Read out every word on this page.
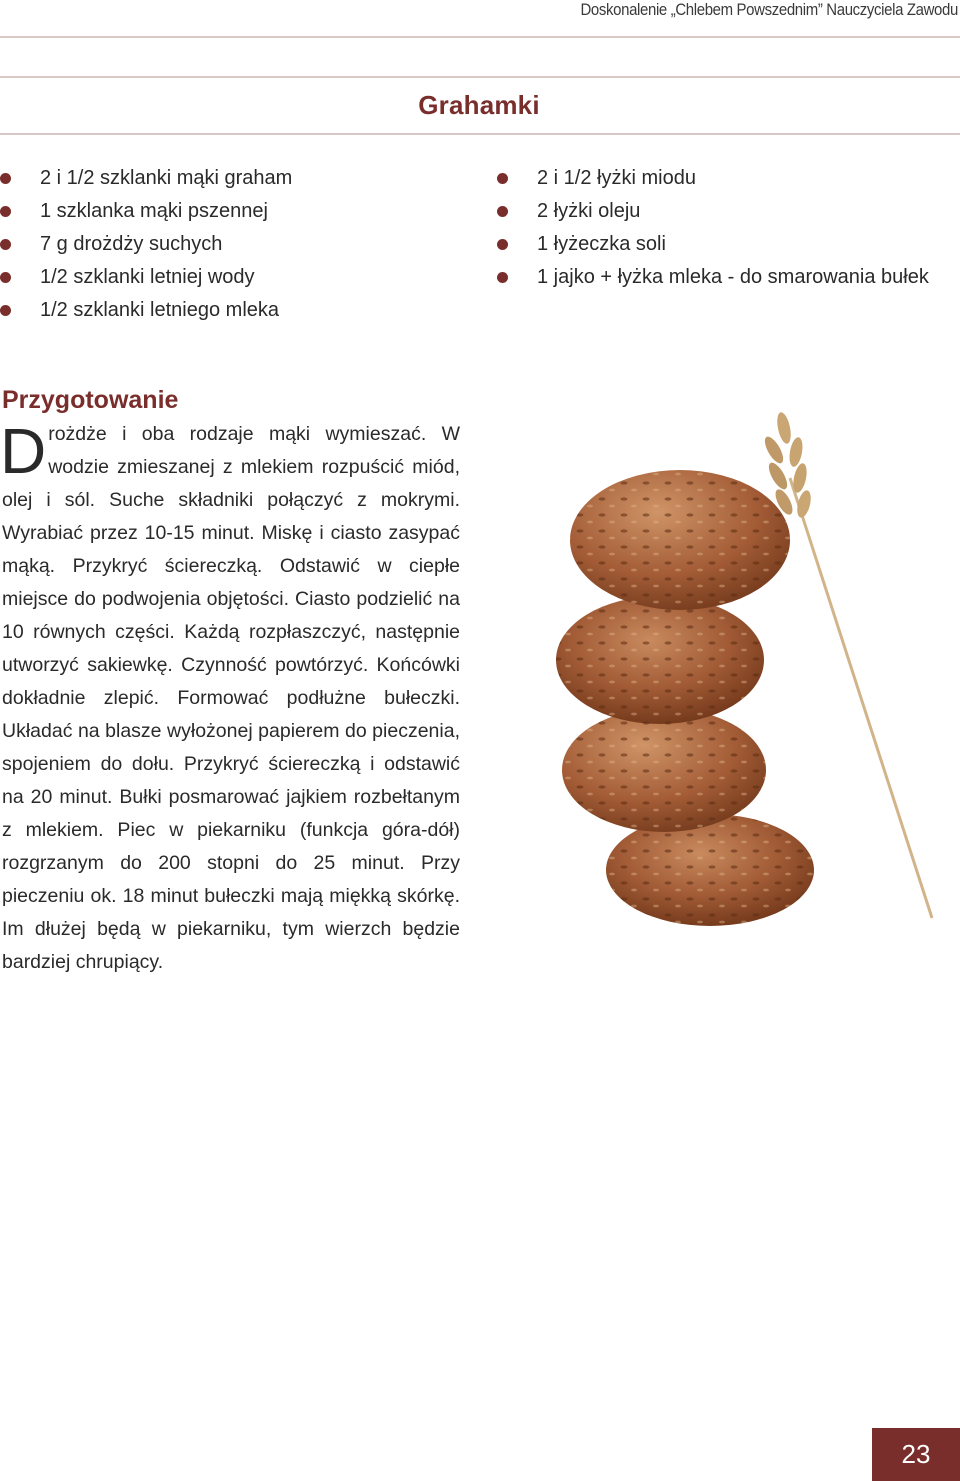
Doskonalenie „Chlebem Powszednim” Nauczyciela Zawodu
Grahamki
2 i 1/2 szklanki mąki graham
1 szklanka mąki pszennej
7 g drożdży suchych
1/2 szklanki letniej wody
1/2 szklanki letniego mleka
2 i 1/2 łyżki miodu
2 łyżki oleju
1 łyżeczka soli
1 jajko + łyżka mleka - do smarowania bułek
Przygotowanie
Drożdże i oba rodzaje mąki wymieszać. W wodzie zmieszanej z mlekiem rozpuścić miód, olej i sól. Suche składniki połączyć z mokrymi. Wyrabiać przez 10-15 minut. Miskę i ciasto zasypać mąką. Przykryć ściereczką. Odstawić w ciepłe miejsce do podwojenia objętości. Ciasto podzielić na 10 równych części. Każdą rozpłaszczyć, następnie utworzyć sakiewkę. Czynność powtórzyć. Końcówki dokładnie zlepić. Formować podłużne bułeczki. Układać na blasze wyłożonej papierem do pieczenia, spojeniem do dołu. Przykryć ściereczką i odstawić na 20 minut. Bułki posmarować jajkiem rozbełtanym z mlekiem. Piec w piekarniku (funkcja góra-dół) rozgrzanym do 200 stopni do 25 minut. Przy pieczeniu ok. 18 minut bułeczki mają miękką skórkę. Im dłużej będą w piekarniku, tym wierzch będzie bardziej chrupiący.
23
